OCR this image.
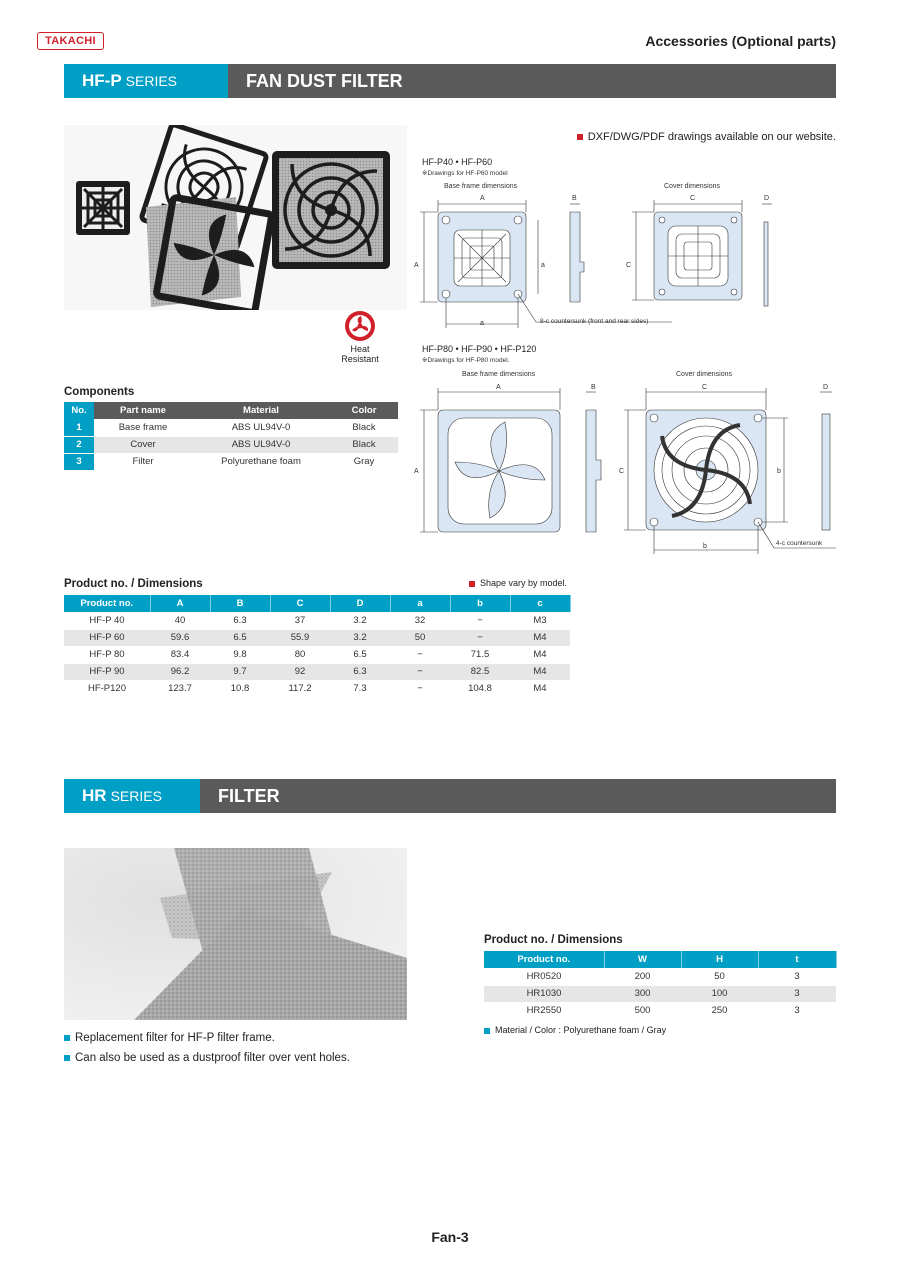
TAKACHI	Accessories (Optional parts)
HF-P SERIES	FAN DUST FILTER
Heat
Resistant
DXF/DWG/PDF drawings available on our website.
HF-P40 • HF-P60
※Drawings for HF-P60 model
Base frame dimensions	Cover dimensions
A
A	a
a
B	C
C
D
8-c countersunk (front and rear sides)
HF-P80 • HF-P90 • HF-P120
※Drawings for HF-P80 model.
Base frame dimensions	Cover dimensions
A
A
B	C
C	b
b
D
4-c countersunk
Components
No.	Part name	Material	Color
1	Base frame	ABS UL94V-0	Black
2	Cover	ABS UL94V-0	Black
3	Filter	Polyurethane foam	Gray
Product no. / Dimensions	Shape vary by model.
Product no.	A	B	C	D	a	b	c
HF-P 40	40	6.3	37	3.2	32	−	M3
HF-P 60	59.6	6.5	55.9	3.2	50	−	M4
HF-P 80	83.4	9.8	80	6.5	−	71.5	M4
HF-P 90	96.2	9.7	92	6.3	−	82.5	M4
HF-P120	123.7	10.8	117.2	7.3	−	104.8	M4
HR SERIES	FILTER
Replacement filter for HF-P filter frame.
Can also be used as a dustproof filter over vent holes.
Product no. / Dimensions
Product no.	W	H	t
HR0520	200	50	3
HR1030	300	100	3
HR2550	500	250	3
Material / Color : Polyurethane foam / Gray
Fan-3
